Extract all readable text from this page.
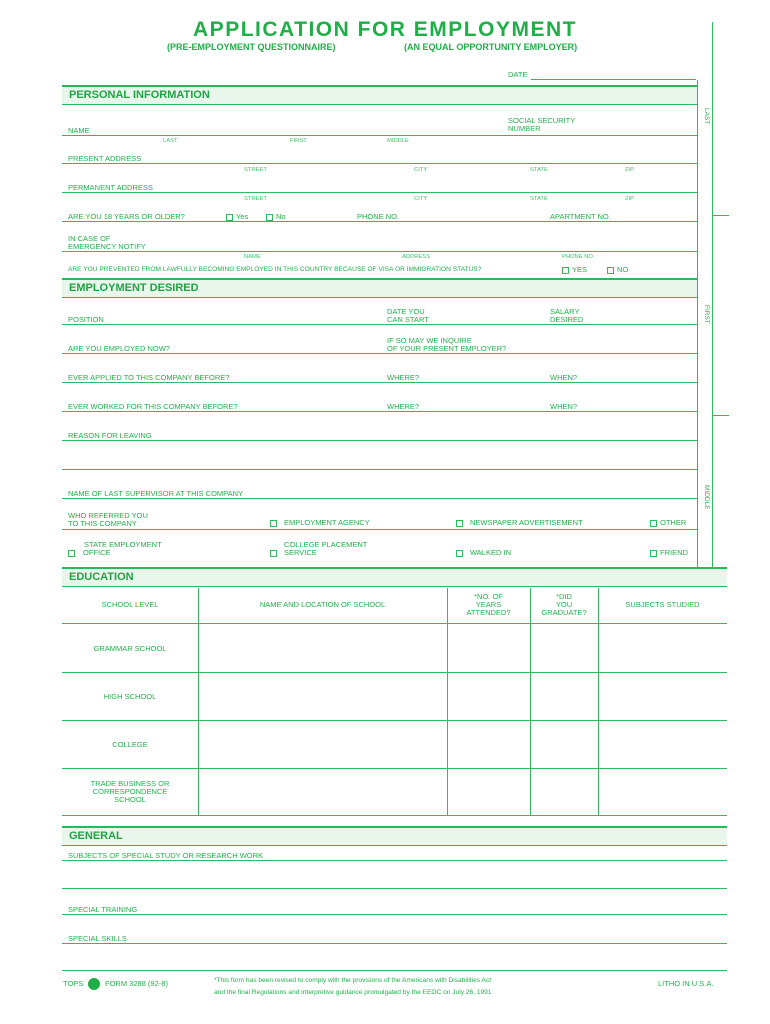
APPLICATION FOR EMPLOYMENT
(PRE-EMPLOYMENT QUESTIONNAIRE)	(AN EQUAL OPPORTUNITY EMPLOYER)
DATE
LAST
FIRST
MIDDLE
PERSONAL INFORMATION
NAME
SOCIAL SECURITY
NUMBER
LAST	FIRST	MIDDLE
PRESENT ADDRESS
STREET	CITY	STATE	ZIP
PERMANENT ADDRESS
STREET	CITY	STATE	ZIP
ARE YOU 18 YEARS OR OLDER?	Yes	No	PHONE NO.	APARTMENT NO.
IN CASE OF
EMERGENCY NOTIFY
NAME	ADDRESS	PHONE NO.
ARE YOU PREVENTED FROM LAWFULLY BECOMING EMPLOYED IN THIS COUNTRY BECAUSE OF VISA OR IMMIGRATION STATUS?	YES	NO
EMPLOYMENT DESIRED
POSITION
DATE YOU
CAN START
SALARY
DESIRED
ARE YOU EMPLOYED NOW?
IF SO MAY WE INQUIRE
OF YOUR PRESENT EMPLOYER?
EVER APPLIED TO THIS COMPANY BEFORE?	WHERE?	WHEN?
EVER WORKED FOR THIS COMPANY BEFORE?	WHERE?	WHEN?
REASON FOR LEAVING
NAME OF LAST SUPERVISOR AT THIS COMPANY
WHO REFERRED YOU
TO THIS COMPANY	EMPLOYMENT AGENCY	NEWSPAPER ADVERTISEMENT	OTHER
STATE EMPLOYMENT
OFFICE
COLLEGE PLACEMENT
SERVICE	WALKED IN	FRIEND
EDUCATION
SCHOOL LEVEL	NAME AND LOCATION OF SCHOOL
*NO. OF
YEARS
ATTENDED?
*DID
YOU
GRADUATE?
SUBJECTS STUDIED
GRAMMAR SCHOOL
HIGH SCHOOL
COLLEGE
TRADE BUSINESS OR
CORRESPONDENCE
SCHOOL
GENERAL
SUBJECTS OF SPECIAL STUDY OR RESEARCH WORK
SPECIAL TRAINING
SPECIAL SKILLS
TOPS	FORM 3288 (92-8)	*This form has been revised to comply with the provisions of the Americans with Disabilities Act
and the final Regulations and interpretive guidance promulgated by the EEOC on July 26, 1991
LITHO IN U.S.A.
